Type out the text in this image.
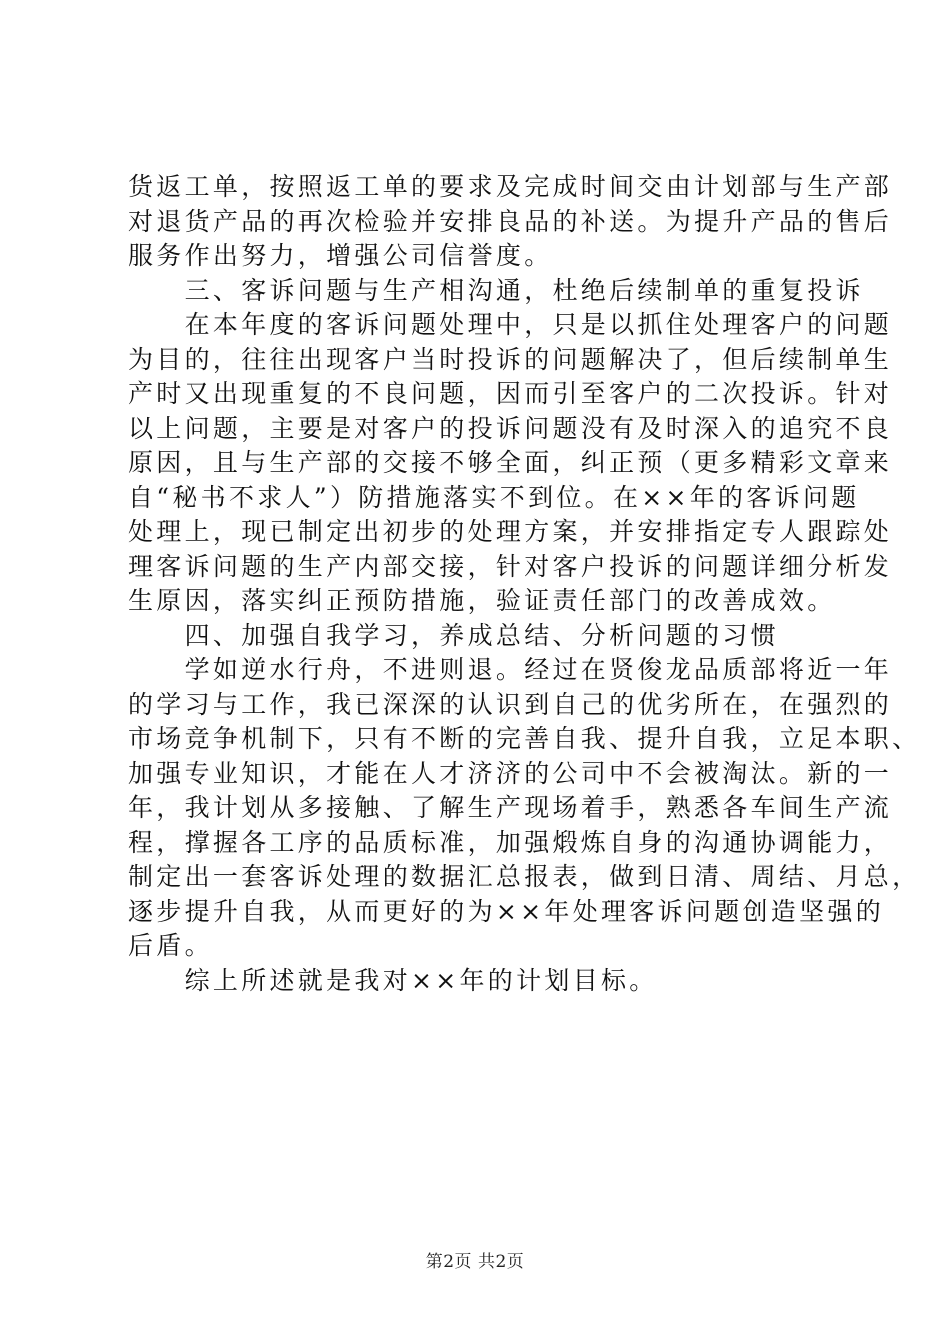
货返工单，按照返工单的要求及完成时间交由计划部与生产部
对退货产品的再次检验并安排良品的补送。为提升产品的售后
服务作出努力，增强公司信誉度。
　　三、客诉问题与生产相沟通，杜绝后续制单的重复投诉
　　在本年度的客诉问题处理中，只是以抓住处理客户的问题
为目的，往往出现客户当时投诉的问题解决了，但后续制单生
产时又出现重复的不良问题，因而引至客户的二次投诉。针对
以上问题，主要是对客户的投诉问题没有及时深入的追究不良
原因，且与生产部的交接不够全面，纠正预（更多精彩文章来
自“秘书不求人”）防措施落实不到位。在××年的客诉问题
处理上，现已制定出初步的处理方案，并安排指定专人跟踪处
理客诉问题的生产内部交接，针对客户投诉的问题详细分析发
生原因，落实纠正预防措施，验证责任部门的改善成效。
　　四、加强自我学习，养成总结、分析问题的习惯
　　学如逆水行舟，不进则退。经过在贤俊龙品质部将近一年
的学习与工作，我已深深的认识到自己的优劣所在，在强烈的
市场竞争机制下，只有不断的完善自我、提升自我，立足本职、
加强专业知识，才能在人才济济的公司中不会被淘汰。新的一
年，我计划从多接触、了解生产现场着手，熟悉各车间生产流
程，撑握各工序的品质标准，加强煅炼自身的沟通协调能力，
制定出一套客诉处理的数据汇总报表，做到日清、周结、月总，
逐步提升自我，从而更好的为××年处理客诉问题创造坚强的
后盾。
　　综上所述就是我对××年的计划目标。
第2页 共2页
